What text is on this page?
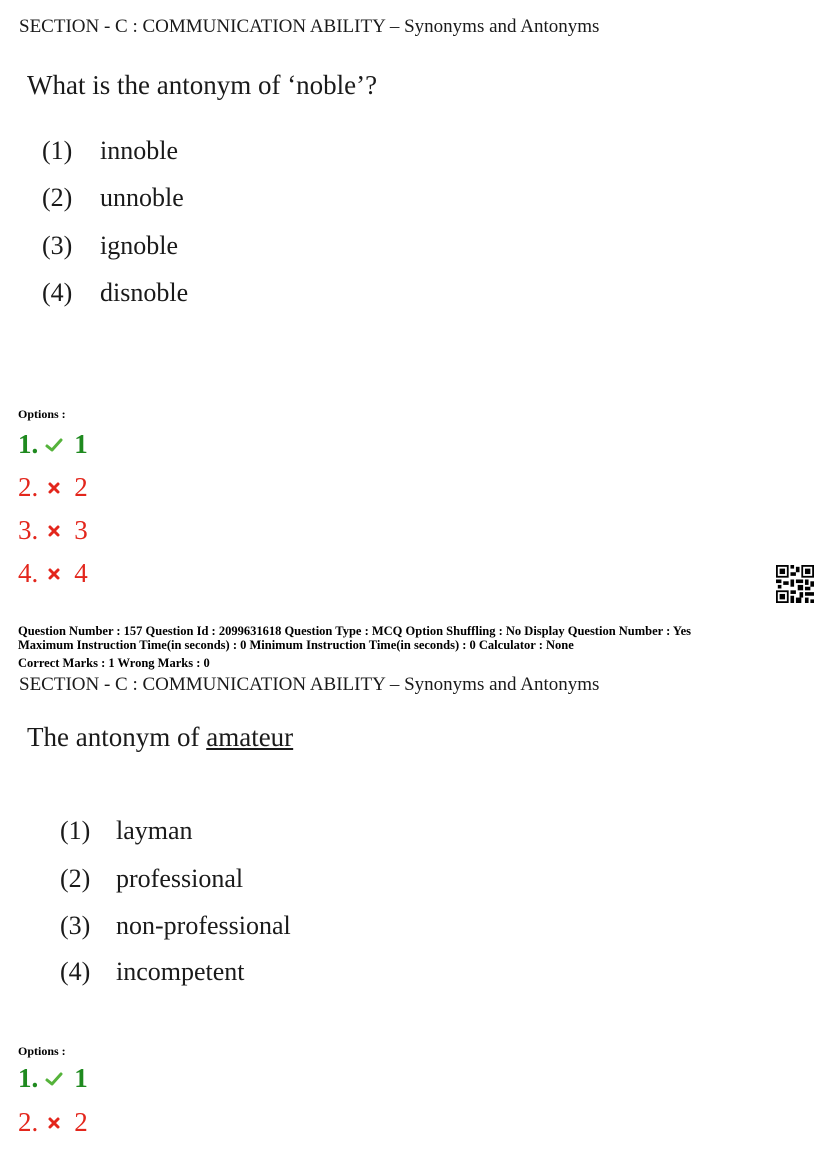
SECTION - C : COMMUNICATION ABILITY – Synonyms and Antonyms
What is the antonym of ‘noble’?
(1) innoble
(2) unnoble
(3) ignoble
(4) disnoble
Options :
1. 1
2. 2
3. 3
4. 4
Question Number : 157 Question Id : 2099631618 Question Type : MCQ Option Shuffling : No Display Question Number : Yes
Maximum Instruction Time(in seconds) : 0 Minimum Instruction Time(in seconds) : 0 Calculator : None
Correct Marks : 1 Wrong Marks : 0
SECTION - C : COMMUNICATION ABILITY – Synonyms and Antonyms
The antonym of amateur
(1) layman
(2) professional
(3) non-professional
(4) incompetent
Options :
1. 1
2. 2
